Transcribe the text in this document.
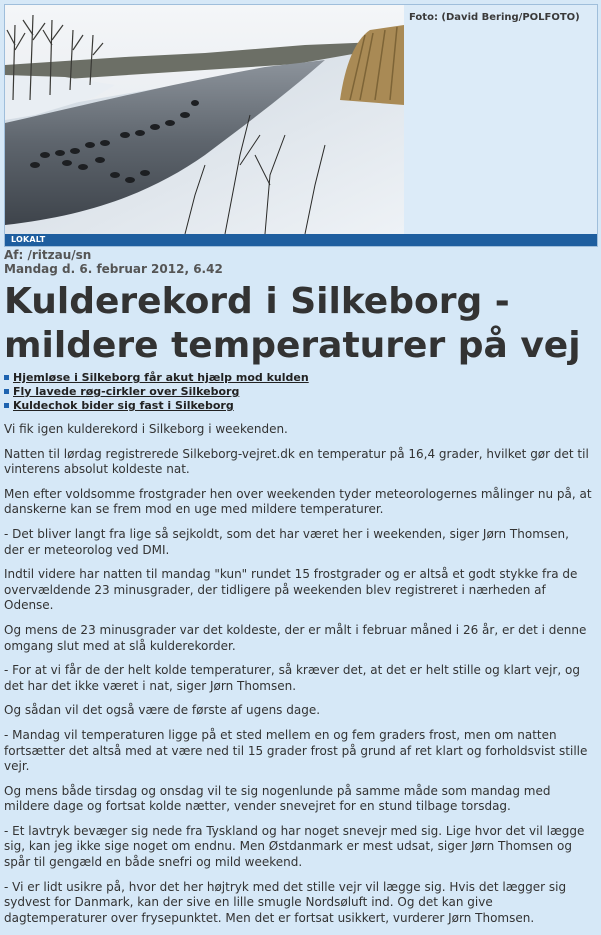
Foto: (David Bering/POLFOTO)
LOKALT
Af: /ritzau/sn
Mandag d. 6. februar 2012, 6.42
Kulderekord i Silkeborg - mildere temperaturer på vej
Hjemløse i Silkeborg får akut hjælp mod kulden
Fly lavede røg-cirkler over Silkeborg
Kuldechok bider sig fast i Silkeborg

Vi fik igen kulderekord i Silkeborg i weekenden.

Natten til lørdag registrerede Silkeborg-vejret.dk en temperatur på 16,4 grader, hvilket gør det til vinterens absolut koldeste nat.

Men efter voldsomme frostgrader hen over weekenden tyder meteorologernes målinger nu på, at danskerne kan se frem mod en uge med mildere temperaturer.

- Det bliver langt fra lige så sejkoldt, som det har været her i weekenden, siger Jørn Thomsen, der er meteorolog ved DMI.

Indtil videre har natten til mandag "kun" rundet 15 frostgrader og er altså et godt stykke fra de overvældende 23 minusgrader, der tidligere på weekenden blev registreret i nærheden af Odense.

Og mens de 23 minusgrader var det koldeste, der er målt i februar måned i 26 år, er det i denne omgang slut med at slå kulderekorder.

- For at vi får de der helt kolde temperaturer, så kræver det, at det er helt stille og klart vejr, og det har det ikke været i nat, siger Jørn Thomsen.

Og sådan vil det også være de første af ugens dage.

- Mandag vil temperaturen ligge på et sted mellem en og fem graders frost, men om natten fortsætter det altså med at være ned til 15 grader frost på grund af ret klart og forholdsvist stille vejr.

Og mens både tirsdag og onsdag vil te sig nogenlunde på samme måde som mandag med mildere dage og fortsat kolde nætter, vender snevejret for en stund tilbage torsdag.

- Et lavtryk bevæger sig nede fra Tyskland og har noget snevejr med sig. Lige hvor det vil lægge sig, kan jeg ikke sige noget om endnu. Men Østdanmark er mest udsat, siger Jørn Thomsen og spår til gengæld en både snefri og mild weekend.

- Vi er lidt usikre på, hvor det her højtryk med det stille vejr vil lægge sig. Hvis det lægger sig sydvest for Danmark, kan der sive en lille smugle Nordsøluft ind. Og det kan give dagtemperaturer over frysepunktet. Men det er fortsat usikkert, vurderer Jørn Thomsen.
